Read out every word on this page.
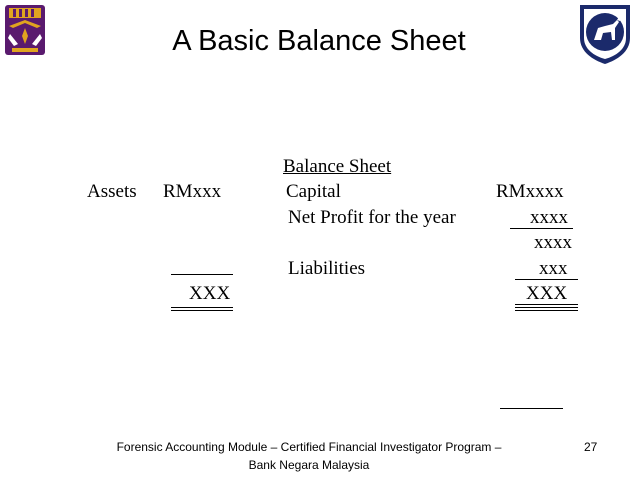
A Basic Balance Sheet
Balance Sheet
Assets RMxxx	Capital	RMxxxx
Net Profit for the year	xxxx
xxxx
Liabilities	xxx
XXX	XXX
Forensic Accounting Module – Certified Financial Investigator Program –
Bank Negara Malaysia
27
